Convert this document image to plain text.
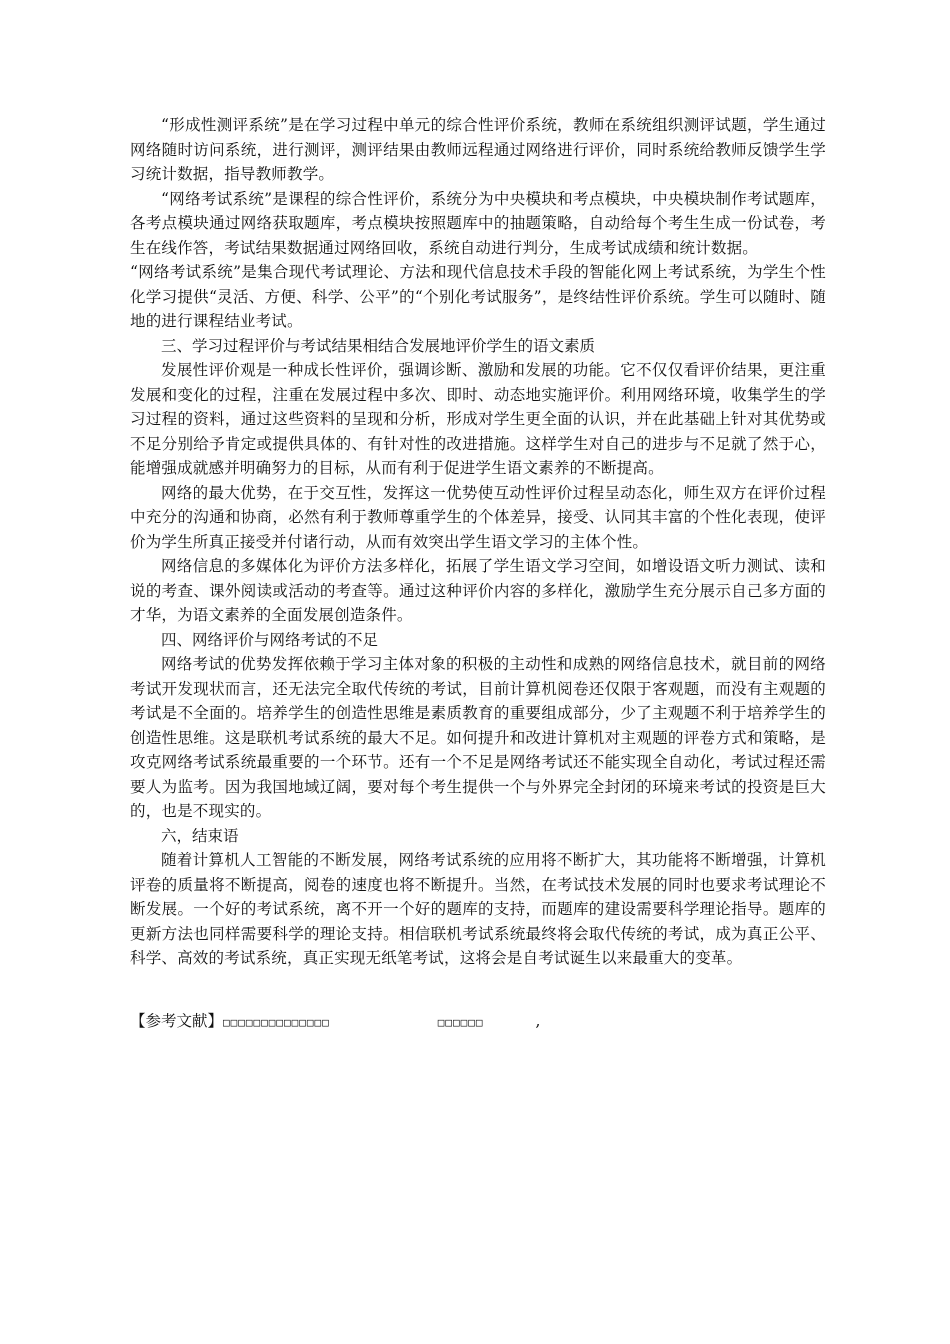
“形成性测评系统”是在学习过程中单元的综合性评价系统，教师在系统组织测评试题，学生通过网络随时访问系统，进行测评，测评结果由教师远程通过网络进行评价，同时系统给教师反馈学生学习统计数据，指导教师教学。

“网络考试系统”是课程的综合性评价，系统分为中央模块和考点模块，中央模块制作考试题库，各考点模块通过网络获取题库，考点模块按照题库中的抽题策略，自动给每个考生生成一份试卷，考生在线作答，考试结果数据通过网络回收，系统自动进行判分，生成考试成绩和统计数据。

“网络考试系统”是集合现代考试理论、方法和现代信息技术手段的智能化网上考试系统，为学生个性化学习提供“灵活、方便、科学、公平”的“个别化考试服务”，是终结性评价系统。学生可以随时、随地的进行课程结业考试。

三、学习过程评价与考试结果相结合发展地评价学生的语文素质

发展性评价观是一种成长性评价，强调诊断、激励和发展的功能。它不仅仅看评价结果，更注重发展和变化的过程，注重在发展过程中多次、即时、动态地实施评价。利用网络环境，收集学生的学习过程的资料，通过这些资料的呈现和分析，形成对学生更全面的认识，并在此基础上针对其优势或不足分别给予肯定或提供具体的、有针对性的改进措施。这样学生对自己的进步与不足就了然于心，能增强成就感并明确努力的目标，从而有利于促进学生语文素养的不断提高。

网络的最大优势，在于交互性，发挥这一优势使互动性评价过程呈动态化，师生双方在评价过程中充分的沟通和协商，必然有利于教师尊重学生的个体差异，接受、认同其丰富的个性化表现，使评价为学生所真正接受并付诸行动，从而有效突出学生语文学习的主体个性。

网络信息的多媒体化为评价方法多样化，拓展了学生语文学习空间，如增设语文听力测试、读和说的考查、课外阅读或活动的考查等。通过这种评价内容的多样化，激励学生充分展示自己多方面的才华，为语文素养的全面发展创造条件。

四、网络评价与网络考试的不足

网络考试的优势发挥依赖于学习主体对象的积极的主动性和成熟的网络信息技术，就目前的网络考试开发现状而言，还无法完全取代传统的考试，目前计算机阅卷还仅限于客观题，而没有主观题的考试是不全面的。培养学生的创造性思维是素质教育的重要组成部分，少了主观题不利于培养学生的创造性思维。这是联机考试系统的最大不足。如何提升和改进计算机对主观题的评卷方式和策略，是攻克网络考试系统最重要的一个环节。还有一个不足是网络考试还不能实现全自动化，考试过程还需要人为监考。因为我国地域辽阔，要对每个考生提供一个与外界完全封闭的环境来考试的投资是巨大的，也是不现实的。

六，结束语

随着计算机人工智能的不断发展，网络考试系统的应用将不断扩大，其功能将不断增强，计算机评卷的质量将不断提高，阅卷的速度也将不断提升。当然，在考试技术发展的同时也要求考试理论不断发展。一个好的考试系统，离不开一个好的题库的支持，而题库的建设需要科学理论指导。题库的更新方法也同样需要科学的理论支持。相信联机考试系统最终将会取代传统的考试，成为真正公平、科学、高效的考试系统，真正实现无纸笔考试，这将会是自考试诞生以来最重大的变革。

【参考文献】□□□□□□□□□□□□□□	□□□□□□	,
